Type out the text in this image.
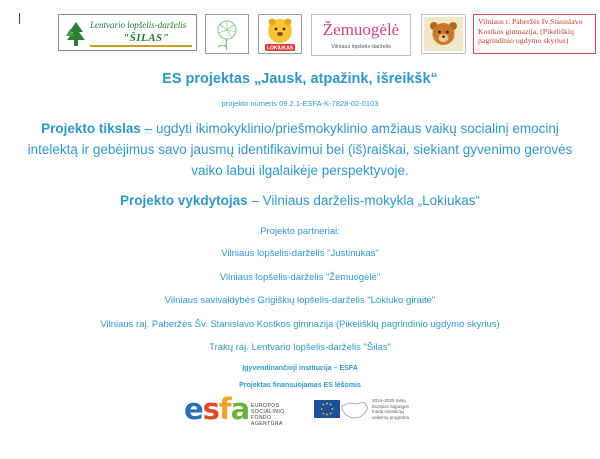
Lentvario lopšelis-darželis
"ŠILAS"
LOKIUKAS
Žemuogėlė
Vilniaus lopšelis-darželis
Vilniaus r. Paberžės šv.Stanislavo Kostkos gimnazija, (Pikeliškių pagrindinio ugdymo skyrius)
ES projektas „Jausk, atpažink, išreikšk“
projekto numeris 09.2.1-ESFA-K-7828-02-0103
Projekto tikslas – ugdyti ikimokyklinio/priešmokyklinio amžiaus vaikų socialinį emocinį intelektą ir gebėjimus savo jausmų identifikavimui bei (iš)raiškai, siekiant gyvenimo gerovės vaiko labui ilgalaikėje perspektyvoje.
Projekto vykdytojas – Vilniaus darželis-mokykla „Lokiukas“
Projekto partneriai:
Vilniaus lopšelis-darželis "Justinukas"
Vilniaus lopšelis-darželis "Žemuogėlė"
Vilniaus savivaldybės Grigiškių lopšelis-darželis "Lokiuko giraitė"
Vilniaus raj. Paberžės Šv. Stanislavo Kostkos gimnazija (Pikeliškių pagrindinio ugdymo skyrius)
Trakų raj. Lentvario lopšelis-darželis "Šilas"
Įgyvendinančioji institucija – ESFA
Projektas finansuojamas ES lėšomis
esfa EUROPOS
SOCIALINIO
FONDO
AGENTŪRA
2014–2020 metų
Europos Sąjungos
fondų investicijų
veiksmų programa
